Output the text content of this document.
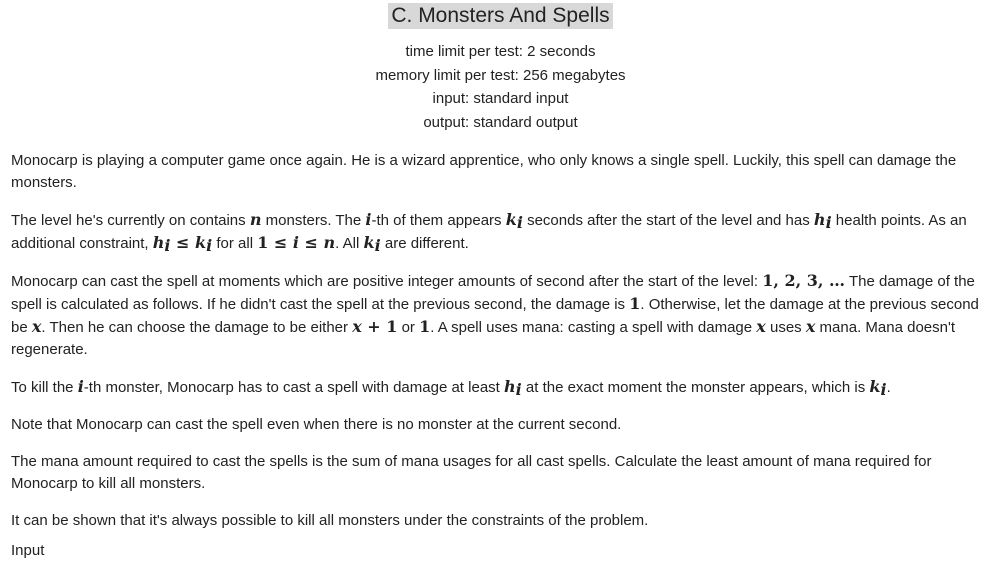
C. Monsters And Spells
time limit per test: 2 seconds
memory limit per test: 256 megabytes
input: standard input
output: standard output

Monocarp is playing a computer game once again. He is a wizard apprentice, who only knows a single spell. Luckily, this spell can damage the monsters.

The level he's currently on contains n monsters. The i-th of them appears $k_i$ seconds after the start of the level and has $h_i$ health points. As an additional constraint, $h_i \le k_i$ for all 1 ≤ i ≤ n. All $k_i$ are different.

Monocarp can cast the spell at moments which are positive integer amounts of second after the start of the level: 1, 2, 3, … The damage of the spell is calculated as follows. If he didn't cast the spell at the previous second, the damage is 1. Otherwise, let the damage at the previous second be x. Then he can choose the damage to be either x + 1 or 1. A spell uses mana: casting a spell with damage x uses x mana. Mana doesn't regenerate.

To kill the i-th monster, Monocarp has to cast a spell with damage at least $h_i$ at the exact moment the monster appears, which is $k_i$.

Note that Monocarp can cast the spell even when there is no monster at the current second.

The mana amount required to cast the spells is the sum of mana usages for all cast spells. Calculate the least amount of mana required for Monocarp to kill all monsters.

It can be shown that it's always possible to kill all monsters under the constraints of the problem.

Input
